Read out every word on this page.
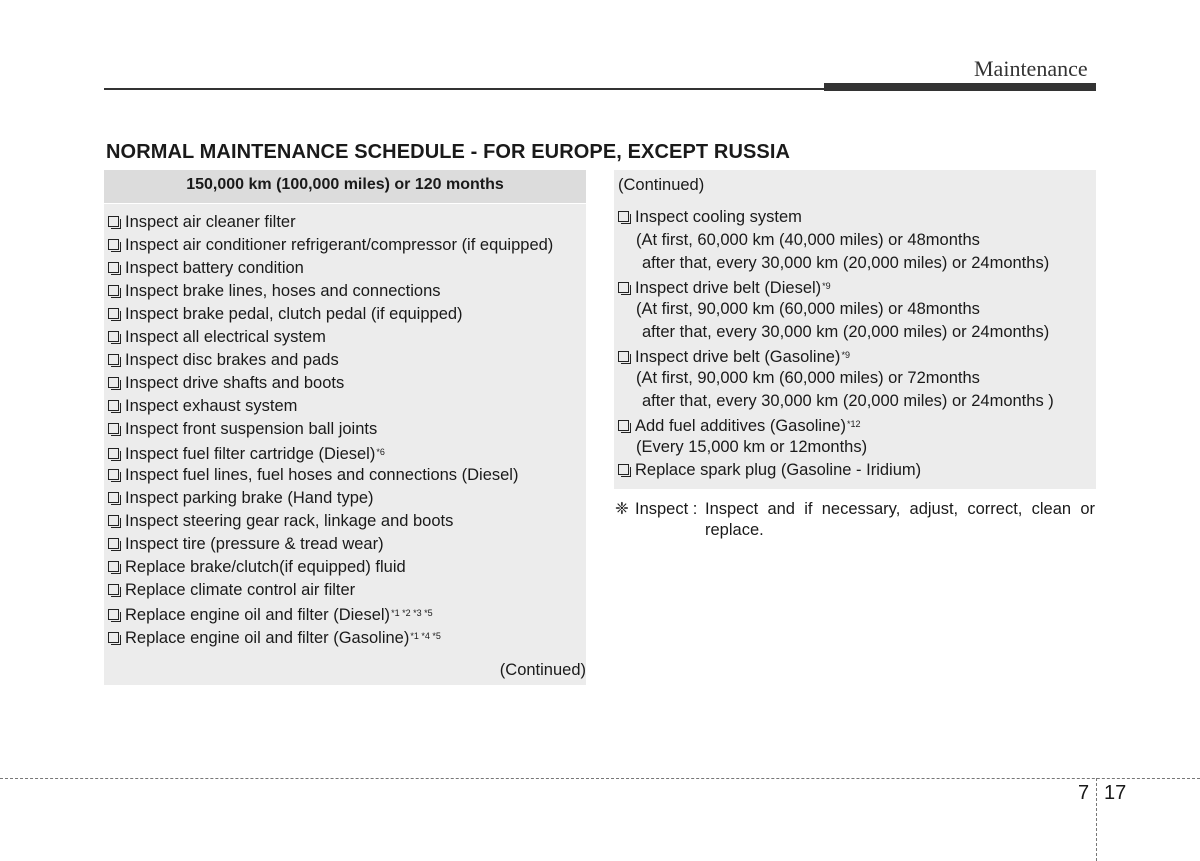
Maintenance
NORMAL MAINTENANCE SCHEDULE - FOR EUROPE, EXCEPT RUSSIA
150,000 km (100,000 miles) or 120 months
Inspect air cleaner filter
Inspect air conditioner refrigerant/compressor (if equipped)
Inspect battery condition
Inspect brake lines, hoses and connections
Inspect brake pedal, clutch pedal (if equipped)
Inspect all electrical system
Inspect disc brakes and pads
Inspect drive shafts and boots
Inspect exhaust system
Inspect front suspension ball joints
Inspect fuel filter cartridge (Diesel)$^{*6}$
Inspect fuel lines, fuel hoses and connections (Diesel)
Inspect parking brake (Hand type)
Inspect steering gear rack, linkage and boots
Inspect tire (pressure & tread wear)
Replace brake/clutch(if equipped) fluid
Replace climate control air filter
Replace engine oil and filter (Diesel)$^{*1 *2 *3 *5}$
Replace engine oil and filter (Gasoline)$^{*1 *4 *5}$
(Continued)
(Continued)
Inspect cooling system
(At first, 60,000 km (40,000 miles) or 48months
after that, every 30,000 km (20,000 miles) or 24months)
Inspect drive belt (Diesel)$^{*9}$
(At first, 90,000 km (60,000 miles) or 48months
after that, every 30,000 km (20,000 miles) or 24months)
Inspect drive belt (Gasoline)$^{*9}$
(At first, 90,000 km (60,000 miles) or 72months
after that, every 30,000 km (20,000 miles) or 24months )
Add fuel additives (Gasoline)$^{*12}$
(Every 15,000 km or 12months)
Replace spark plug (Gasoline - Iridium)
❈ Inspect : Inspect and if necessary, adjust, correct, clean or
replace.
7 17
